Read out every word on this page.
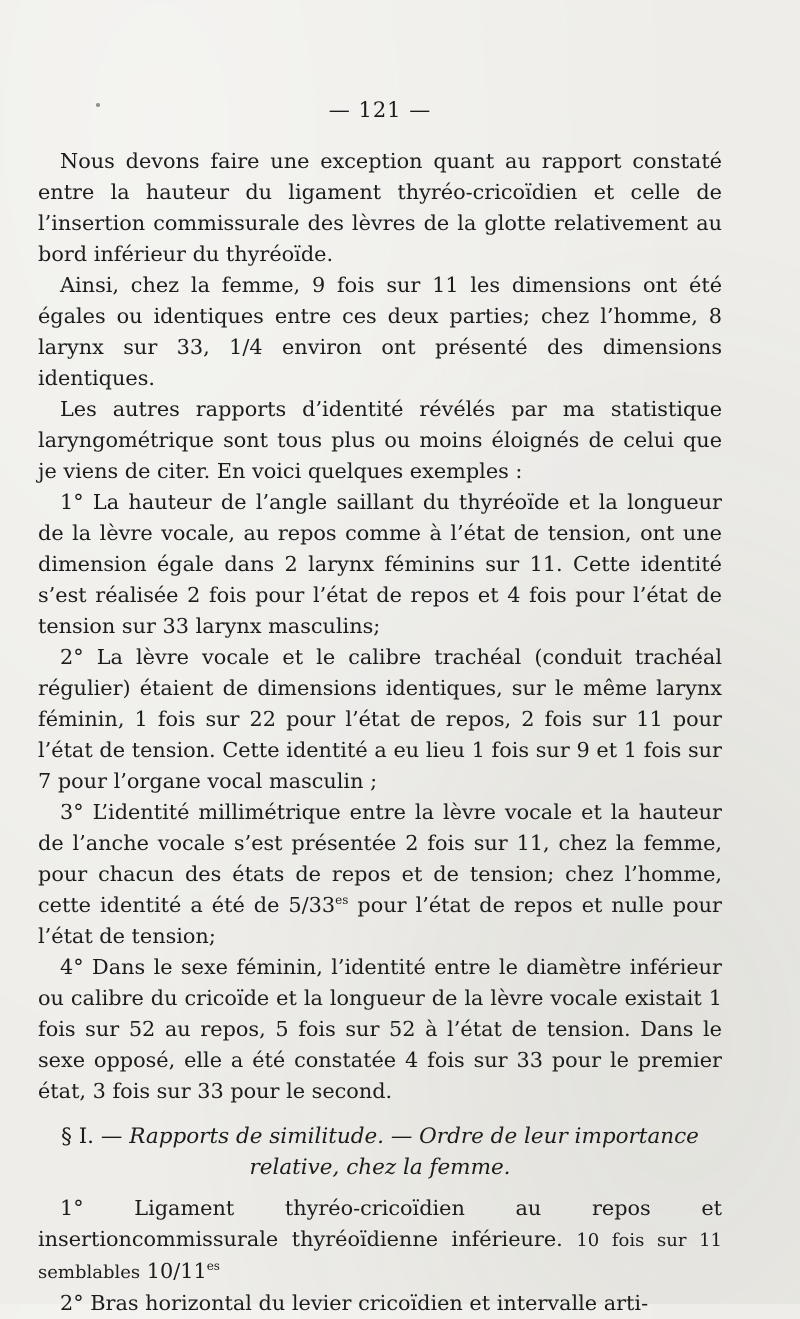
— 121 —

Nous devons faire une exception quant au rapport constaté entre la hauteur du ligament thyréo-cricoïdien et celle de l’insertion commissurale des lèvres de la glotte relativement au bord inférieur du thyréoïde.

Ainsi, chez la femme, 9 fois sur 11 les dimensions ont été égales ou identiques entre ces deux parties; chez l’homme, 8 larynx sur 33, 1/4 environ ont présenté des dimensions identiques.

Les autres rapports d’identité révélés par ma statistique laryngométrique sont tous plus ou moins éloignés de celui que je viens de citer. En voici quelques exemples :

1° La hauteur de l’angle saillant du thyréoïde et la longueur de la lèvre vocale, au repos comme à l’état de tension, ont une dimension égale dans 2 larynx féminins sur 11. Cette identité s’est réalisée 2 fois pour l’état de repos et 4 fois pour l’état de tension sur 33 larynx masculins;

2° La lèvre vocale et le calibre trachéal (conduit trachéal régulier) étaient de dimensions identiques, sur le même larynx féminin, 1 fois sur 22 pour l’état de repos, 2 fois sur 11 pour l’état de tension. Cette identité a eu lieu 1 fois sur 9 et 1 fois sur 7 pour l’organe vocal masculin ;

3° L’identité millimétrique entre la lèvre vocale et la hauteur de l’anche vocale s’est présentée 2 fois sur 11, chez la femme, pour chacun des états de repos et de tension; chez l’homme, cette identité a été de $5/33^{es}$ pour l’état de repos et nulle pour l’état de tension;

4° Dans le sexe féminin, l’identité entre le diamètre inférieur ou calibre du cricoïde et la longueur de la lèvre vocale existait 1 fois sur 52 au repos, 5 fois sur 52 à l’état de tension. Dans le sexe opposé, elle a été constatée 4 fois sur 33 pour le premier état, 3 fois sur 33 pour le second.

§ I. — Rapports de similitude. — Ordre de leur importance
relative, chez la femme.

1° Ligament thyréo-cricoïdien au repos et insertioncommissurale thyréoïdienne inférieure. 10 fois sur 11 semblables $10/11^{es}$

2° Bras horizontal du levier cricoïdien et intervalle arti-
